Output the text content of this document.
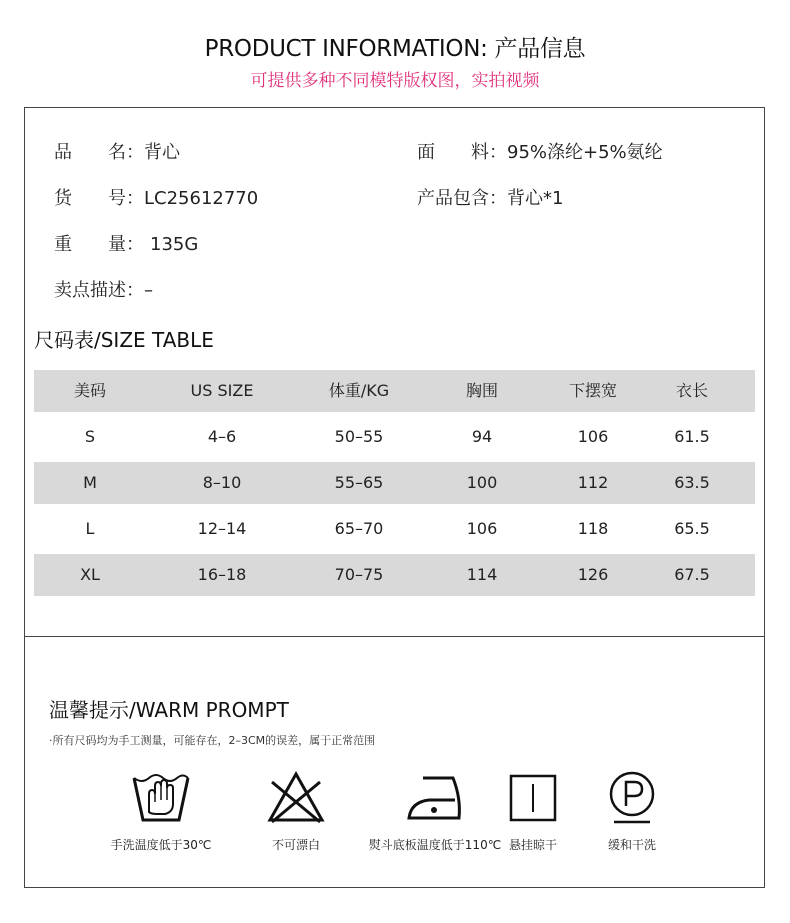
PRODUCT INFORMATION: 产品信息
可提供多种不同模特版权图，实拍视频
品　　名：背心	面　　料：95%涤纶+5%氨纶
货　　号：LC25612770	产品包含：背心*1
重　　量： 135G
卖点描述：–
尺码表/SIZE TABLE
美码	US SIZE	体重/KG	胸围	下摆宽	衣长
S	4–6	50–55	94	106	61.5
M	8–10	55–65	100	112	63.5
L	12–14	65–70	106	118	65.5
XL	16–18	70–75	114	126	67.5
温馨提示/WARM PROMPT
·所有尺码均为手工测量，可能存在，2–3CM的误差，属于正常范围
手洗温度低于30℃	不可漂白	熨斗底板温度低于110℃ 悬挂晾干	缓和干洗
